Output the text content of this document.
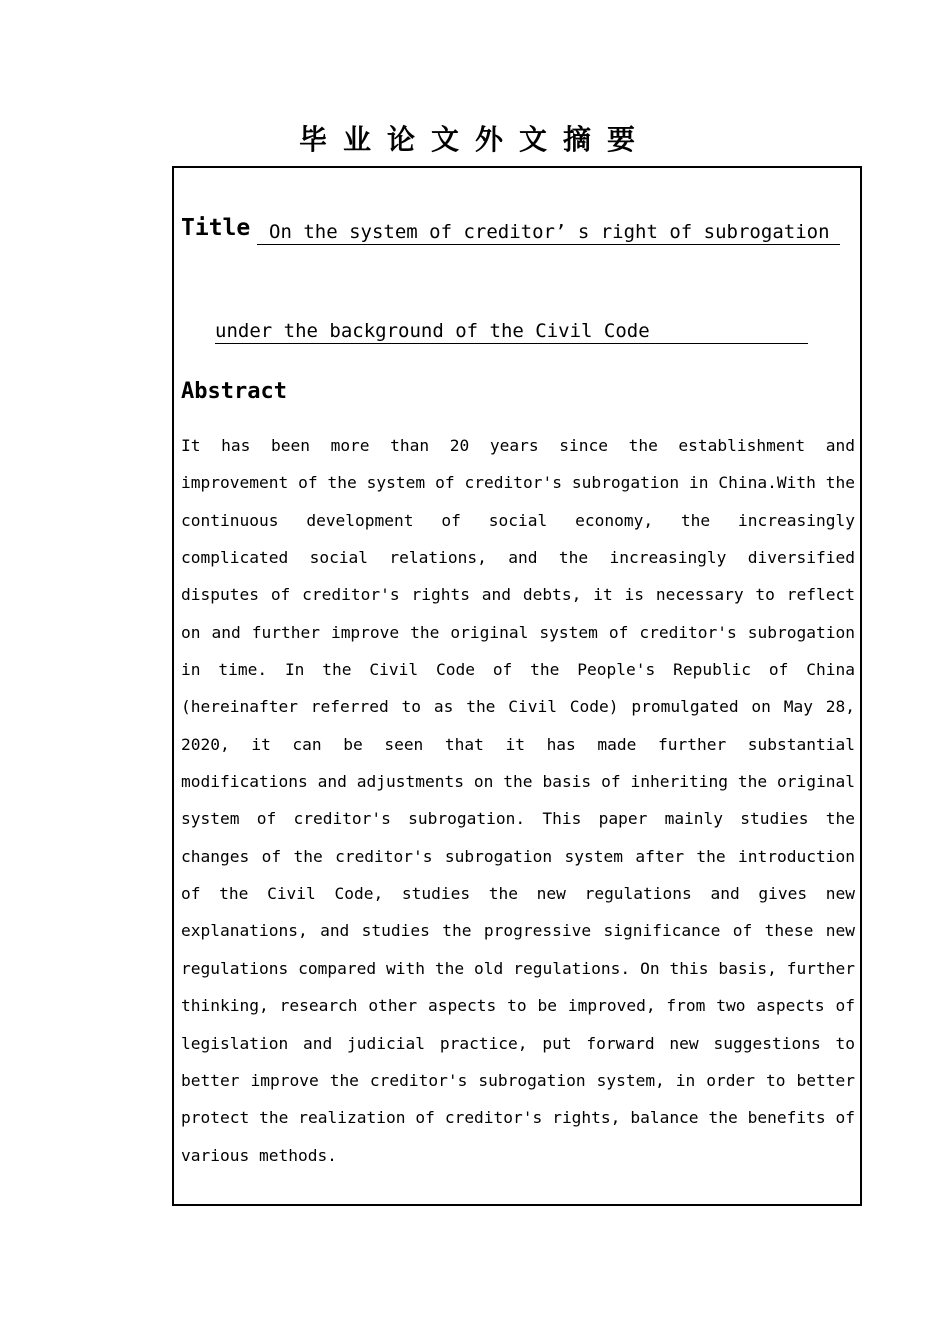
毕业论文外文摘要
Title On the system of creditor’ s right of subrogation
under the background of the Civil Code
Abstract
It has been more than 20 years since the establishment and improvement of the system of creditor's subrogation in China.With the continuous development of social economy, the increasingly complicated social relations, and the increasingly diversified disputes of creditor's rights and debts, it is necessary to reflect on and further improve the original system of creditor's subrogation in time. In the Civil Code of the People's Republic of China (hereinafter referred to as the Civil Code) promulgated on May 28, 2020, it can be seen that it has made further substantial modifications and adjustments on the basis of inheriting the original system of creditor's subrogation. This paper mainly studies the changes of the creditor's subrogation system after the introduction of the Civil Code, studies the new regulations and gives new explanations, and studies the progressive significance of these new regulations compared with the old regulations. On this basis, further thinking, research other aspects to be improved, from two aspects of legislation and judicial practice, put forward new suggestions to better improve the creditor's subrogation system, in order to better protect the realization of creditor's rights, balance the benefits of various methods.
